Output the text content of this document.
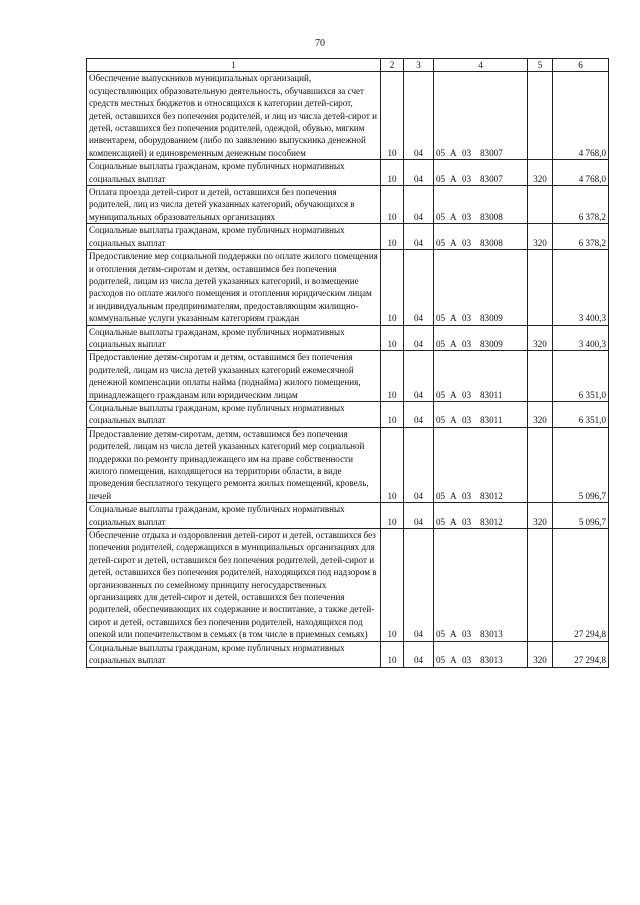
70
1	2	3	4	5	6
Обеспечение выпускников муниципальных организаций, осуществляющих образовательную деятельность, обучавшихся за счет средств местных бюджетов и относящихся к категории детей-сирот, детей, оставшихся без попечения родителей, и лиц из числа детей-сирот и детей, оставшихся без попечения родителей, одеждой, обувью, мягким инвентарем, оборудованием (либо по заявлению выпускника денежной компенсацией) и единовременным денежным пособием	10	04	05 А 03 83007		4 768,0
Социальные выплаты гражданам, кроме публичных нормативных социальных выплат	10	04	05 А 03 83007	320	4 768,0
Оплата проезда детей-сирот и детей, оставшихся без попечения родителей, лиц из числа детей указанных категорий, обучающихся в муниципальных образовательных организациях	10	04	05 А 03 83008		6 378,2
Социальные выплаты гражданам, кроме публичных нормативных социальных выплат	10	04	05 А 03 83008	320	6 378,2
Предоставление мер социальной поддержки по оплате жилого помещения и отопления детям-сиротам и детям, оставшимся без попечения родителей, лицам из числа детей указанных категорий, и возмещение расходов по оплате жилого помещения и отопления юридическим лицам и индивидуальным предпринимателям, предоставляющим жилищно-коммунальные услуги указанным категориям граждан	10	04	05 А 03 83009		3 400,3
Социальные выплаты гражданам, кроме публичных нормативных социальных выплат	10	04	05 А 03 83009	320	3 400,3
Предоставление детям-сиротам и детям, оставшимся без попечения родителей, лицам из числа детей указанных категорий ежемесячной денежной компенсации оплаты найма (поднайма) жилого помещения, принадлежащего гражданам или юридическим лицам	10	04	05 А 03 83011		6 351,0
Социальные выплаты гражданам, кроме публичных нормативных социальных выплат	10	04	05 А 03 83011	320	6 351,0
Предоставление детям-сиротам, детям, оставшимся без попечения родителей, лицам из числа детей указанных категорий мер социальной поддержки по ремонту принадлежащего им на праве собственности жилого помещения, находящегося на территории области, в виде проведения бесплатного текущего ремонта жилых помещений, кровель, печей	10	04	05 А 03 83012		5 096,7
Социальные выплаты гражданам, кроме публичных нормативных социальных выплат	10	04	05 А 03 83012	320	5 096,7
Обеспечение отдыха и оздоровления детей-сирот и детей, оставшихся без попечения родителей, содержащихся в муниципальных организациях для детей-сирот и детей, оставшихся без попечения родителей, детей-сирот и детей, оставшихся без попечения родителей, находящихся под надзором в организованных по семейному принципу негосударственных организациях для детей-сирот и детей, оставшихся без попечения родителей, обеспечивающих их содержание и воспитание, а также детей-сирот и детей, оставшихся без попечения родителей, находящихся под опекой или попечительством в семьях (в том числе в приемных семьях)	10	04	05 А 03 83013		27 294,8
Социальные выплаты гражданам, кроме публичных нормативных социальных выплат	10	04	05 А 03 83013	320	27 294,8
